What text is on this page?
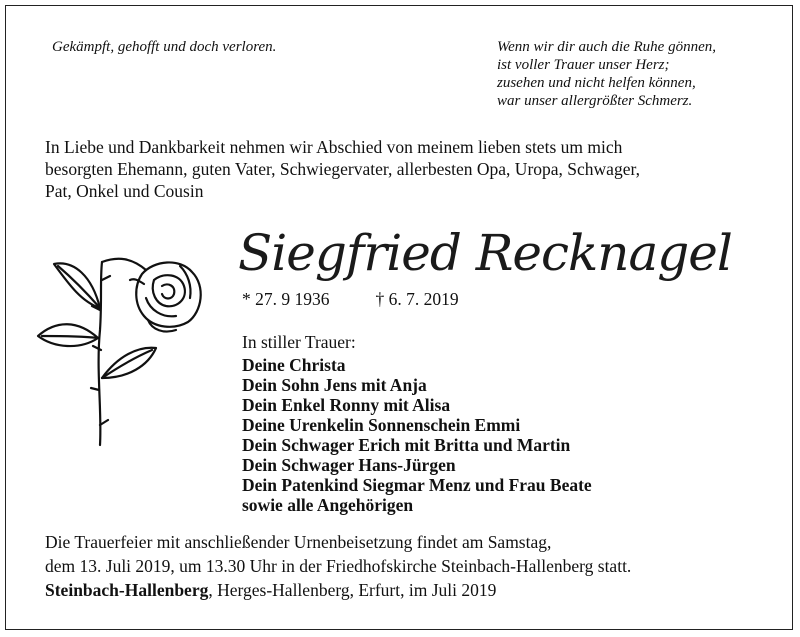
Gekämpft, gehofft und doch verloren.	Wenn wir dir auch die Ruhe gönnen,
ist voller Trauer unser Herz;
zusehen und nicht helfen können,
war unser allergrößter Schmerz.
In Liebe und Dankbarkeit nehmen wir Abschied von meinem lieben stets um mich
besorgten Ehemann, guten Vater, Schwiegervater, allerbesten Opa, Uropa, Schwager,
Pat, Onkel und Cousin
Siegfried Recknagel
* 27. 9 1936	† 6. 7. 2019
In stiller Trauer:
Deine Christa
Dein Sohn Jens mit Anja
Dein Enkel Ronny mit Alisa
Deine Urenkelin Sonnenschein Emmi
Dein Schwager Erich mit Britta und Martin
Dein Schwager Hans-Jürgen
Dein Patenkind Siegmar Menz und Frau Beate
sowie alle Angehörigen
Die Trauerfeier mit anschließender Urnenbeisetzung findet am Samstag,
dem 13. Juli 2019, um 13.30 Uhr in der Friedhofskirche Steinbach-Hallenberg statt.
Steinbach-Hallenberg, Herges-Hallenberg, Erfurt, im Juli 2019
